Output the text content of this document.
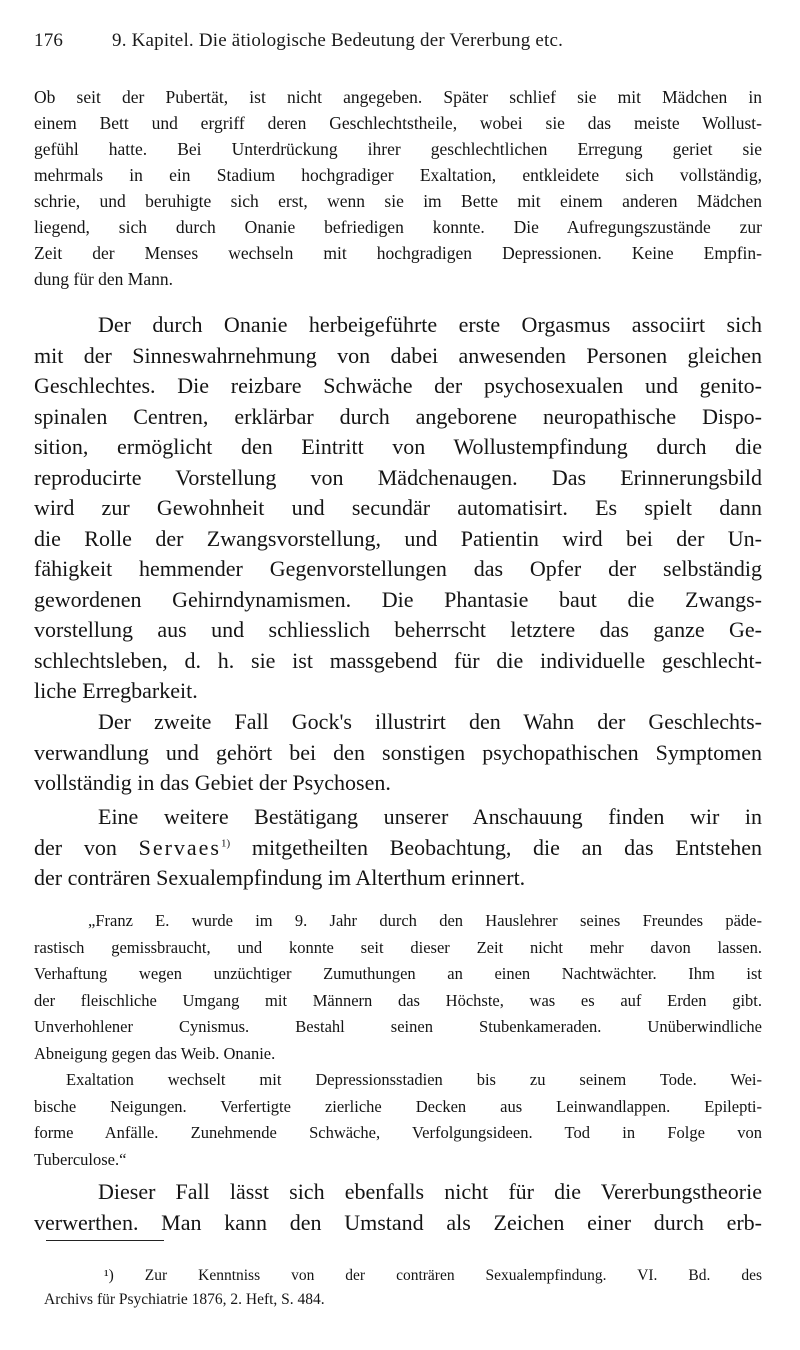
176	9. Kapitel. Die ätiologische Bedeutung der Vererbung etc.
Ob seit der Pubertät, ist nicht angegeben. Später schlief sie mit Mädchen in
einem Bett und ergriff deren Geschlechtstheile, wobei sie das meiste Wollust-
gefühl hatte. Bei Unterdrückung ihrer geschlechtlichen Erregung geriet sie
mehrmals in ein Stadium hochgradiger Exaltation, entkleidete sich vollständig,
schrie, und beruhigte sich erst, wenn sie im Bette mit einem anderen Mädchen
liegend, sich durch Onanie befriedigen konnte. Die Aufregungszustände zur
Zeit der Menses wechseln mit hochgradigen Depressionen. Keine Empfin-
dung für den Mann.
Der durch Onanie herbeigeführte erste Orgasmus associirt sich
mit der Sinneswahrnehmung von dabei anwesenden Personen gleichen
Geschlechtes. Die reizbare Schwäche der psychosexualen und genito-
spinalen Centren, erklärbar durch angeborene neuropathische Dispo-
sition, ermöglicht den Eintritt von Wollustempfindung durch die
reproducirte Vorstellung von Mädchenaugen. Das Erinnerungsbild
wird zur Gewohnheit und secundär automatisirt. Es spielt dann
die Rolle der Zwangsvorstellung, und Patientin wird bei der Un-
fähigkeit hemmender Gegenvorstellungen das Opfer der selbständig
gewordenen Gehirndynamismen. Die Phantasie baut die Zwangs-
vorstellung aus und schliesslich beherrscht letztere das ganze Ge-
schlechtsleben, d. h. sie ist massgebend für die individuelle geschlecht-
liche Erregbarkeit.
Der zweite Fall Gock's illustrirt den Wahn der Geschlechts-
verwandlung und gehört bei den sonstigen psychopathischen Symptomen
vollständig in das Gebiet der Psychosen.
Eine weitere Bestätigang unserer Anschauung finden wir in
der von Servaes$^{1)}$ mitgetheilten Beobachtung, die an das Entstehen
der conträren Sexualempfindung im Alterthum erinnert.
„Franz E. wurde im 9. Jahr durch den Hauslehrer seines Freundes päde-
rastisch gemissbraucht, und konnte seit dieser Zeit nicht mehr davon lassen.
Verhaftung wegen unzüchtiger Zumuthungen an einen Nachtwächter. Ihm ist
der fleischliche Umgang mit Männern das Höchste, was es auf Erden gibt.
Unverhohlener Cynismus. Bestahl seinen Stubenkameraden. Unüberwindliche
Abneigung gegen das Weib. Onanie.
Exaltation wechselt mit Depressionsstadien bis zu seinem Tode. Wei-
bische Neigungen. Verfertigte zierliche Decken aus Leinwandlappen. Epilepti-
forme Anfälle. Zunehmende Schwäche, Verfolgungsideen. Tod in Folge von
Tuberculose.“
Dieser Fall lässt sich ebenfalls nicht für die Vererbungstheorie
verwerthen. Man kann den Umstand als Zeichen einer durch erb-
¹) Zur Kenntniss von der conträren Sexualempfindung. VI. Bd. des
Archivs für Psychiatrie 1876, 2. Heft, S. 484.
